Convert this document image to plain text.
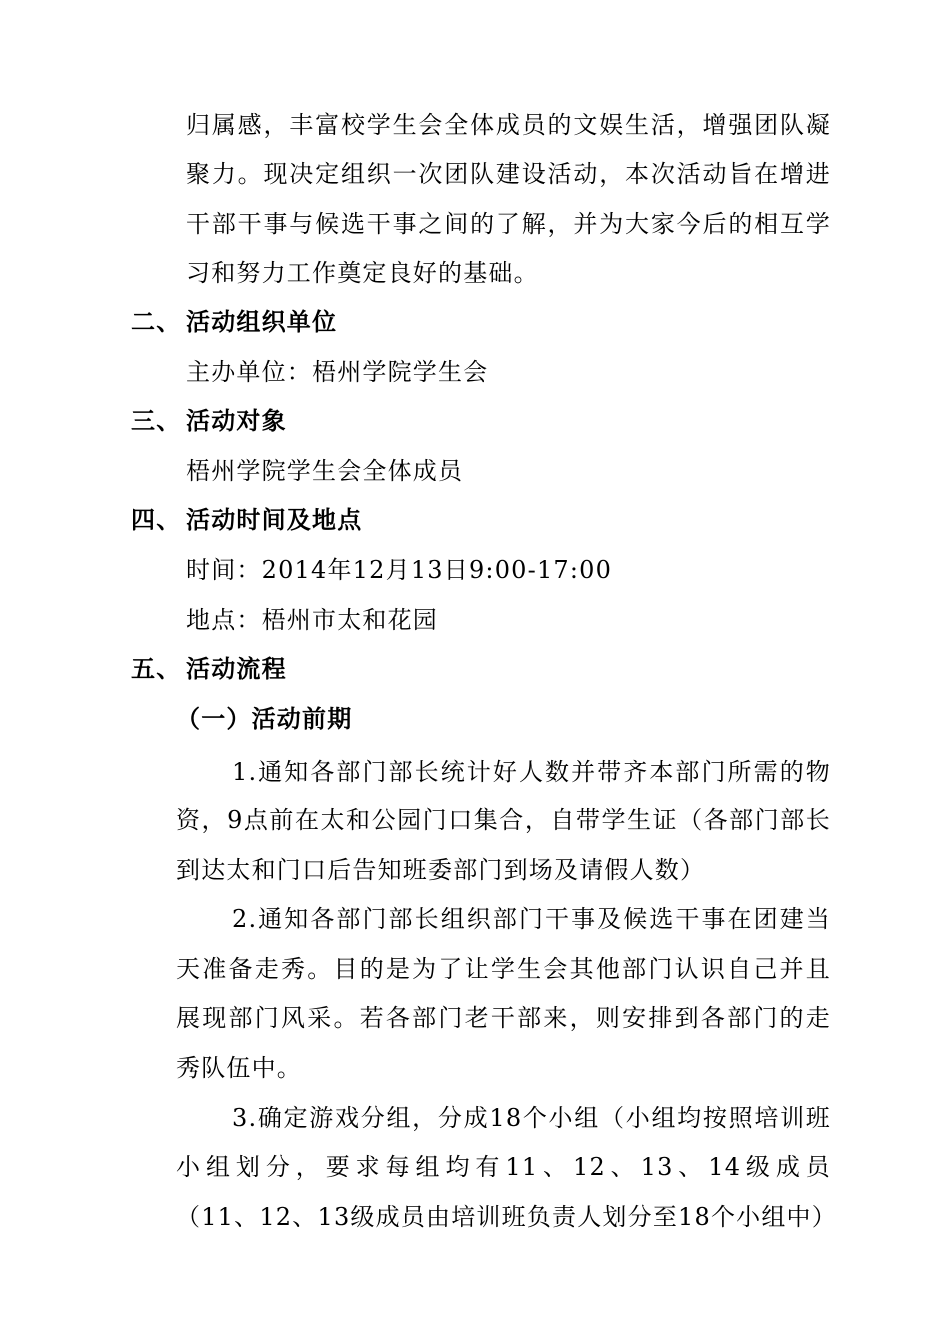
归属感，丰富校学生会全体成员的文娱生活，增强团队凝
聚力。现决定组织一次团队建设活动，本次活动旨在增进
干部干事与候选干事之间的了解，并为大家今后的相互学
习和努力工作奠定良好的基础。
二、 活动组织单位
主办单位：梧州学院学生会
三、 活动对象
梧州学院学生会全体成员
四、 活动时间及地点
时间：2014年12月13日9:00-17:00
地点：梧州市太和花园
五、 活动流程
（一）活动前期
1.通知各部门部长统计好人数并带齐本部门所需的物
资，9点前在太和公园门口集合，自带学生证（各部门部长
到达太和门口后告知班委部门到场及请假人数）
2.通知各部门部长组织部门干事及候选干事在团建当
天准备走秀。目的是为了让学生会其他部门认识自己并且
展现部门风采。若各部门老干部来，则安排到各部门的走
秀队伍中。
3.确定游戏分组，分成18个小组（小组均按照培训班
小组划分，要求每组均有11、12、13、14级成员
（11、12、13级成员由培训班负责人划分至18个小组中）
